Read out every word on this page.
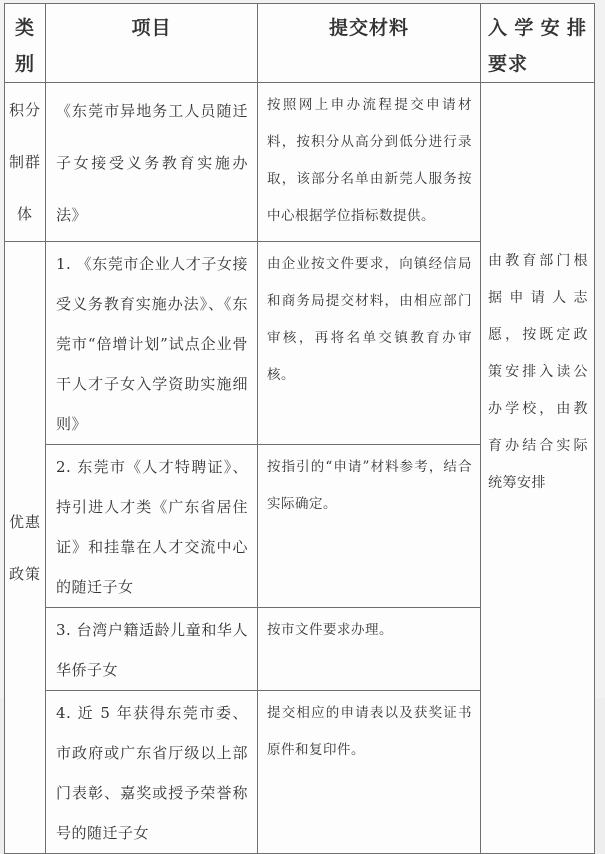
类别	项目	提交材料	入学安排要求
积分制群体	《东莞市异地务工人员随迁子女接受义务教育实施办法》	按照网上申办流程提交申请材料，按积分从高分到低分进行录取，该部分名单由新莞人服务按中心根据学位指标数提供。	由教育部门根据申请人志愿，按既定政策安排入读公办学校，由教育办结合实际统筹安排
优惠政策	1. 《东莞市企业人才子女接受义务教育实施办法》、《东莞市“倍增计划”试点企业骨干人才子女入学资助实施细则》	由企业按文件要求，向镇经信局和商务局提交材料，由相应部门审核，再将名单交镇教育办审核。	
	2. 东莞市《人才特聘证》、持引进人才类《广东省居住证》和挂靠在人才交流中心的随迁子女	按指引的“申请”材料参考，结合实际确定。	
	3. 台湾户籍适龄儿童和华人华侨子女	按市文件要求办理。	
	4. 近 5 年获得东莞市委、市政府或广东省厅级以上部门表彰、嘉奖或授予荣誉称号的随迁子女	提交相应的申请表以及获奖证书原件和复印件。	
